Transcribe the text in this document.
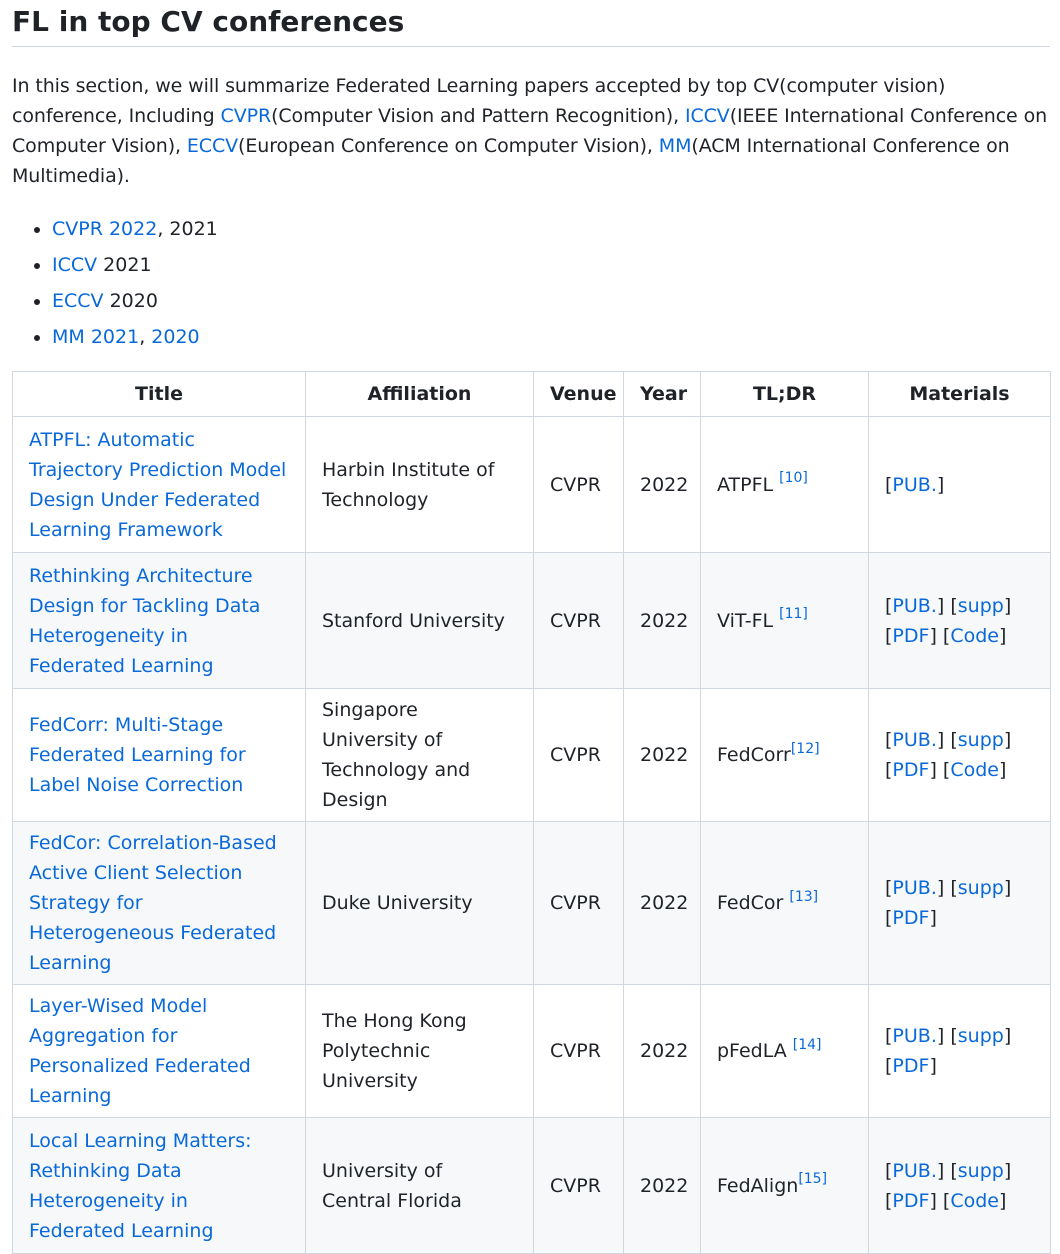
FL in top CV conferences

In this section, we will summarize Federated Learning papers accepted by top CV(computer vision) conference, Including CVPR(Computer Vision and Pattern Recognition), ICCV(IEEE International Conference on Computer Vision), ECCV(European Conference on Computer Vision), MM(ACM International Conference on Multimedia).

• CVPR 2022, 2021
• ICCV 2021
• ECCV 2020
• MM 2021, 2020
Title	Affiliation	Venue	Year	TL;DR	Materials
ATPFL: Automatic Trajectory Prediction Model Design Under Federated Learning Framework	Harbin Institute of Technology	CVPR	2022	ATPFL [10]	[PUB.]
Rethinking Architecture Design for Tackling Data Heterogeneity in Federated Learning	Stanford University	CVPR	2022	ViT-FL [11]	[PUB.] [supp]
[PDF] [Code]
FedCorr: Multi-Stage Federated Learning for Label Noise Correction	Singapore University of Technology and Design	CVPR	2022	FedCorr[12]	[PUB.] [supp]
[PDF] [Code]
FedCor: Correlation-Based Active Client Selection Strategy for Heterogeneous Federated Learning	Duke University	CVPR	2022	FedCor [13]	[PUB.] [supp]
[PDF]
Layer-Wised Model Aggregation for Personalized Federated Learning	The Hong Kong Polytechnic University	CVPR	2022	pFedLA [14]	[PUB.] [supp]
[PDF]
Local Learning Matters: Rethinking Data Heterogeneity in Federated Learning	University of Central Florida	CVPR	2022	FedAlign[15]	[PUB.] [supp]
[PDF] [Code]
